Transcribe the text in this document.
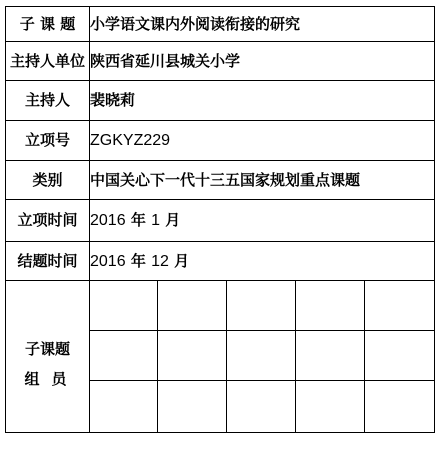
子 课 题	小学语文课内外阅读衔接的研究				
主持人单位	陕西省延川县城关小学				
主持人	裴晓莉				
立项号	ZGKYZ229				
类别	中国关心下一代十三五国家规划重点课题				
立项时间	2016 年 1 月				
结题时间	2016 年 12 月				

子课题
组员					
